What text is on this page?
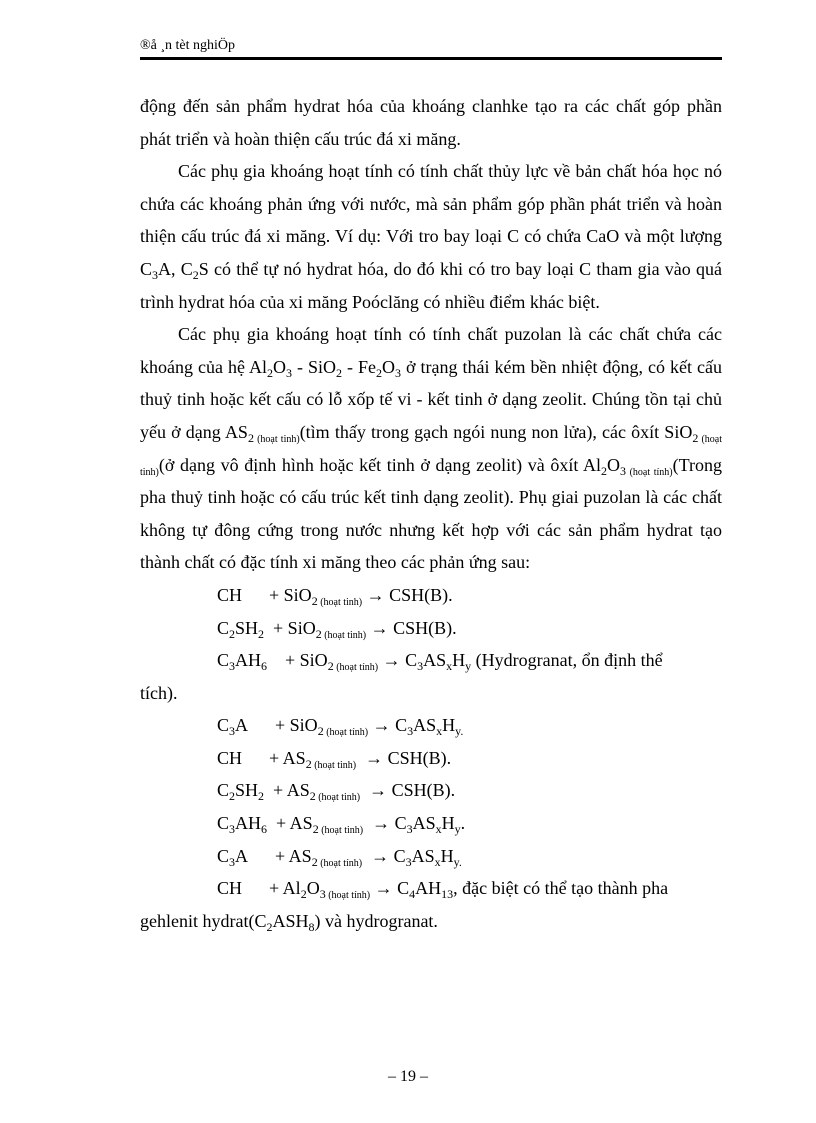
®å ¸n tèt nghiÖp

động đến sản phẩm hydrat hóa của khoáng clanhke tạo ra các chất góp phần phát triển và hoàn thiện cấu trúc đá xi măng.

Các phụ gia khoáng hoạt tính có tính chất thủy lực về bản chất hóa học nó chứa các khoáng phản ứng với nước, mà sản phẩm góp phần phát triển và hoàn thiện cấu trúc đá xi măng. Ví dụ: Với tro bay loại C có chứa CaO và một lượng $C_3A$, $C_2S$ có thể tự nó hydrat hóa, do đó khi có tro bay loại C tham gia vào quá trình hydrat hóa của xi măng Poóclăng có nhiều điểm khác biệt.

Các phụ gia khoáng hoạt tính có tính chất puzolan là các chất chứa các khoáng của hệ $Al_2O_3 - SiO_2 - Fe_2O_3$ ở trạng thái kém bền nhiệt động, có kết cấu thuỷ tinh hoặc kết cấu có lỗ xốp tế vi - kết tinh ở dạng zeolit. Chúng tồn tại chủ yếu ở dạng $AS_{2 (hoạt tinh)}(tìm$ thấy trong gạch ngói nung non lửa), các ôxít SiO$_{2 (hoạt tinh)}$(ở dạng vô định hình hoặc kết tinh ở dạng zeolit) và ôxít $Al_2O_{3 (hoạt tính)}(Trong$ pha thuỷ tinh hoặc có cấu trúc kết tinh dạng zeolit). Phụ giai puzolan là các chất không tự đông cứng trong nước nhưng kết hợp với các sản phẩm hydrat tạo thành chất có đặc tính xi măng theo các phản ứng sau:

CH + SiO$_{2 (hoạt tinh)}$ → CSH(B).

$C_2SH_2 + SiO_{2 (hoạt tinh)} \to CSH(B)$.

$C_3AH_6 + SiO_{2 (hoạt tính)} \to C_3AS_xH_y$ (Hydrogranat, ổn định thể

tích).

$C_3A + SiO_{2 (hoạt tính)} \to C_3AS_xH_{y.}$

CH + $AS_{2 (hoạt tinh)} \to CSH(B)$.

$C_2SH_2 + AS_{2 (hoạt tinh)} \to CSH(B)$.

$C_3AH_6 + AS_{2 (hoạt tinh)} \to C_3AS_xH_y$.

$C_3A + AS_{2 (hoạt tính)} \to C_3AS_xH_{y.}$

CH + $Al_2O_{3 (hoạt tính)} \to C_4AH_{13}$, đặc biệt có thể tạo thành pha

gehlenit $hydrat(C_2ASH_8)$ và hydrogranat.

– 19 –
